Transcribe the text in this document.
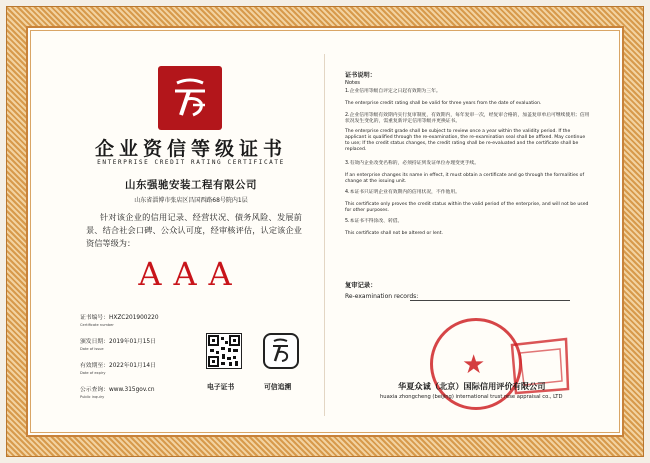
企业资信等级证书
ENTERPRISE CREDIT RATING CERTIFICATE
山东强驰安装工程有限公司
山东省淄博市张店区昌国西路68号院内1层
针对该企业的信用记录、经营状况、债务风险、发展前景、结合社会口碑、公众认可度，经审核评估，认定该企业资信等级为：
AAA
证书编号：HXZC201900220
Certificate number
颁发日期：2019年01月15日
Date of issue
有效期至：2022年01月14日
Date of expiry
公示查询：www.315gov.cn
Public inquiry
电子证书	可信追溯
证书说明：
Notes
1.企业信用等级自评定之日起有效期为三年。
The enterprise credit rating shall be valid for three years from the date of evaluation.
2.企业信用等级有效期内实行复审制度，有效期内，每年复审一次，经复审合格的，加盖复审单后可继续使用；信用状况发生变化的，需重复新评定信用等级并更换证书。
The enterprise credit grade shall be subject to review once a year within the validity period. If the applicant is qualified through the re-examination, the re-examination seal shall be affixed. May continue to use; If the credit status changes, the credit rating shall be re-evaluated and the certificate shall be replaced.
3.有效内企业改变名称的，必须持证到发证单位办理变更手续。
If an enterprise changes its name in effect, it must obtain a certificate and go through the formalities of change at the issuing unit.
4.本证书只证明企业有效期内的信用状况，不作他用。
This certificate only proves the credit status within the valid period of the enterprise, and will not be used for other purposes.
5.本证书不得涂改、转借。
This certificate shall not be altered or lent.
复审记录：
Re-examination records:
★
华夏众诚（北京）国际信用评价有限公司
huaxia zhongcheng (beijing) international trust rese appraisal co., LTD
